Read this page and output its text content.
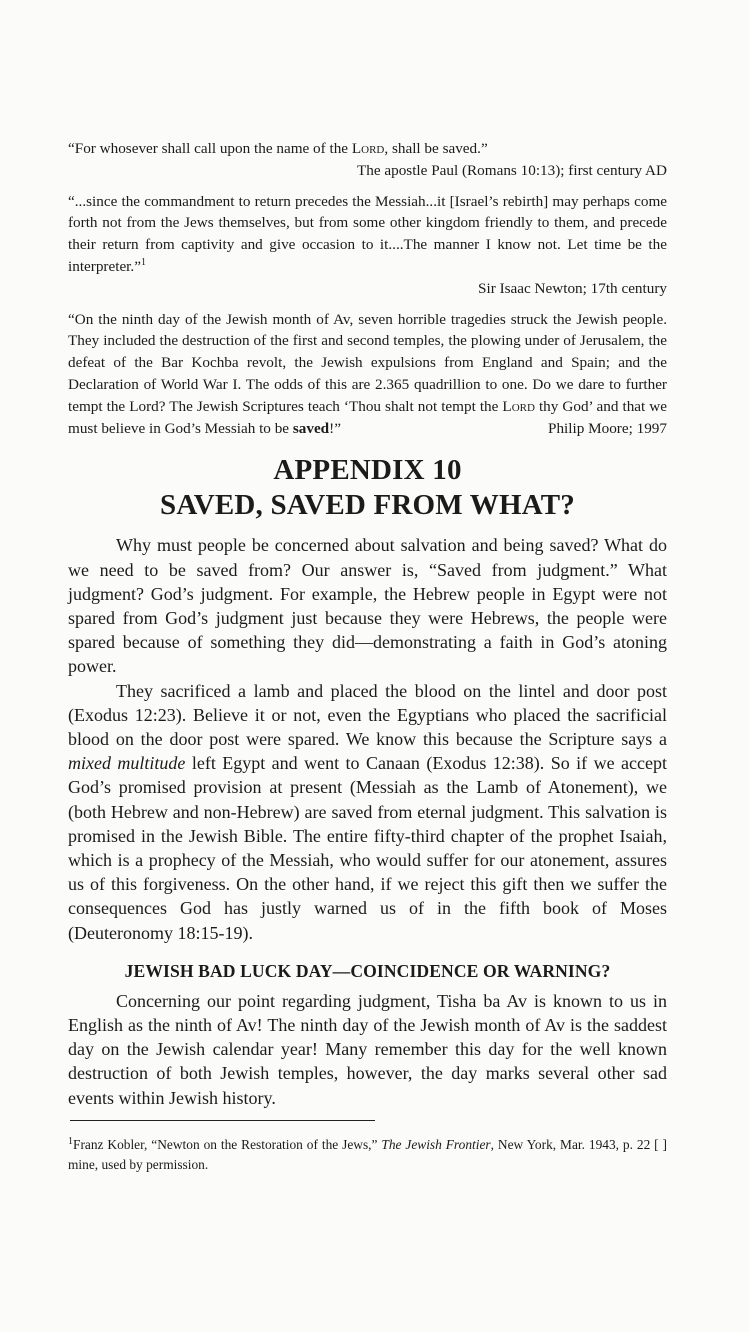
“For whosever shall call upon the name of the Lord, shall be saved.”

The apostle Paul (Romans 10:13); first century AD

“...since the commandment to return precedes the Messiah...it [Israel’s rebirth] may perhaps come forth not from the Jews themselves, but from some other kingdom friendly to them, and precede their return from captivity and give occasion to it....The manner I know not. Let time be the interpreter.”$^1$

Sir Isaac Newton; 17th century

“On the ninth day of the Jewish month of Av, seven horrible tragedies struck the Jewish people. They included the destruction of the first and second temples, the plowing under of Jerusalem, the defeat of the Bar Kochba revolt, the Jewish expulsions from England and Spain; and the Declaration of World War I. The odds of this are 2.365 quadrillion to one. Do we dare to further tempt the Lord? The Jewish Scriptures teach ‘Thou shalt not tempt the Lord thy God’ and that we must believe in God’s Messiah to be saved!”	Philip Moore; 1997

APPENDIX 10
SAVED, SAVED FROM WHAT?

Why must people be concerned about salvation and being saved? What do we need to be saved from? Our answer is, “Saved from judgment.” What judgment? God’s judgment. For example, the Hebrew people in Egypt were not spared from God’s judgment just because they were Hebrews, the people were spared because of something they did—demonstrating a faith in God’s atoning power.

They sacrificed a lamb and placed the blood on the lintel and door post (Exodus 12:23). Believe it or not, even the Egyptians who placed the sacrificial blood on the door post were spared. We know this because the Scripture says a mixed multitude left Egypt and went to Canaan (Exodus 12:38). So if we accept God’s promised provision at present (Messiah as the Lamb of Atonement), we (both Hebrew and non-Hebrew) are saved from eternal judgment. This salvation is promised in the Jewish Bible. The entire fifty-third chapter of the prophet Isaiah, which is a prophecy of the Messiah, who would suffer for our atonement, assures us of this forgiveness. On the other hand, if we reject this gift then we suffer the consequences God has justly warned us of in the fifth book of Moses (Deuteronomy 18:15-19).

JEWISH BAD LUCK DAY—COINCIDENCE OR WARNING?

Concerning our point regarding judgment, Tisha ba Av is known to us in English as the ninth of Av! The ninth day of the Jewish month of Av is the saddest day on the Jewish calendar year! Many remember this day for the well known destruction of both Jewish temples, however, the day marks several other sad events within Jewish history.

$^1$Franz Kobler, “Newton on the Restoration of the Jews,” The Jewish Frontier, New York, Mar. 1943, p. 22 [ ] mine, used by permission.
